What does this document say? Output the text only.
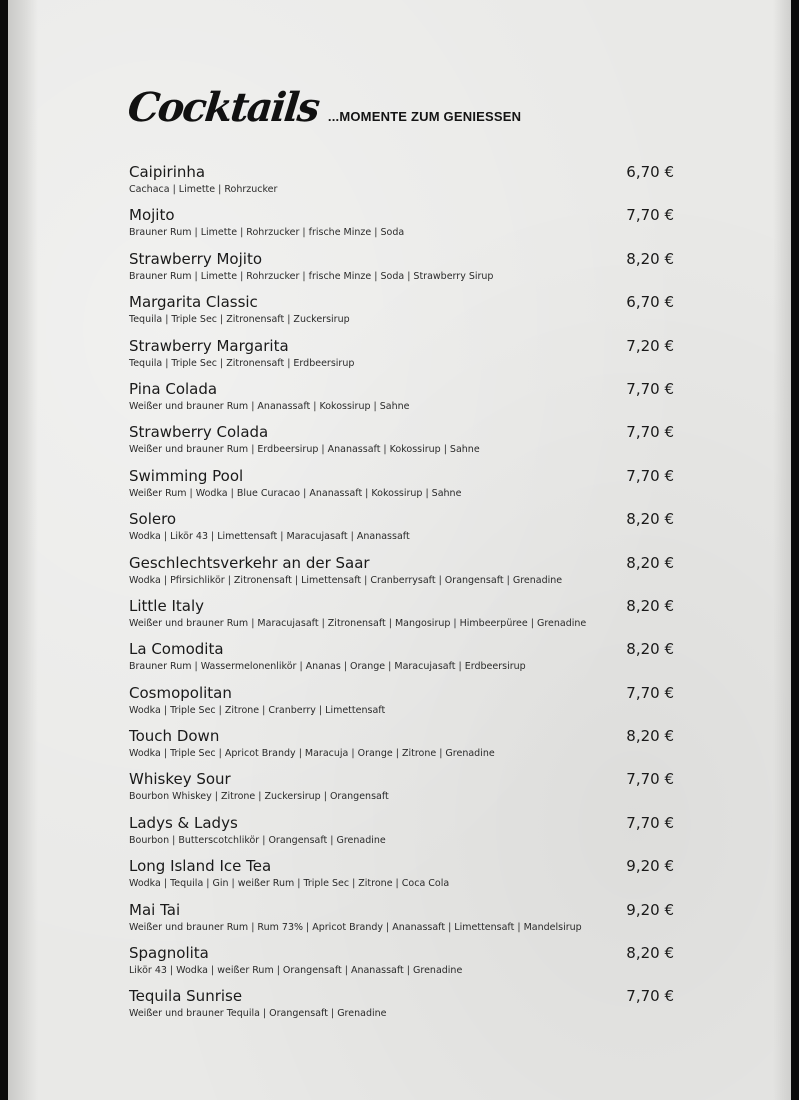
Cocktails ...MOMENTE ZUM GENIESSEN
Caipirinha
Cachaca | Limette | Rohrzucker
6,70 €
Mojito
Brauner Rum | Limette | Rohrzucker | frische Minze | Soda
7,70 €
Strawberry Mojito
Brauner Rum | Limette | Rohrzucker | frische Minze | Soda | Strawberry Sirup
8,20 €
Margarita Classic
Tequila | Triple Sec | Zitronensaft | Zuckersirup
6,70 €
Strawberry Margarita
Tequila | Triple Sec | Zitronensaft | Erdbeersirup
7,20 €
Pina Colada
Weißer und brauner Rum | Ananassaft | Kokossirup | Sahne
7,70 €
Strawberry Colada
Weißer und brauner Rum | Erdbeersirup | Ananassaft | Kokossirup | Sahne
7,70 €
Swimming Pool
Weißer Rum | Wodka | Blue Curacao | Ananassaft | Kokossirup | Sahne
7,70 €
Solero
Wodka | Likör 43 | Limettensaft | Maracujasaft | Ananassaft
8,20 €
Geschlechtsverkehr an der Saar
Wodka | Pfirsichlikör | Zitronensaft | Limettensaft | Cranberrysaft | Orangensaft | Grenadine
8,20 €
Little Italy
Weißer und brauner Rum | Maracujasaft | Zitronensaft | Mangosirup | Himbeerpüree | Grenadine
8,20 €
La Comodita
Brauner Rum | Wassermelonenlikör | Ananas | Orange | Maracujasaft | Erdbeersirup
8,20 €
Cosmopolitan
Wodka | Triple Sec | Zitrone | Cranberry | Limettensaft
7,70 €
Touch Down
Wodka | Triple Sec | Apricot Brandy | Maracuja | Orange | Zitrone | Grenadine
8,20 €
Whiskey Sour
Bourbon Whiskey | Zitrone | Zuckersirup | Orangensaft
7,70 €
Ladys & Ladys
Bourbon | Butterscotchlikör | Orangensaft | Grenadine
7,70 €
Long Island Ice Tea
Wodka | Tequila | Gin | weißer Rum | Triple Sec | Zitrone | Coca Cola
9,20 €
Mai Tai
Weißer und brauner Rum | Rum 73% | Apricot Brandy | Ananassaft | Limettensaft | Mandelsirup
9,20 €
Spagnolita
Likör 43 | Wodka | weißer Rum | Orangensaft | Ananassaft | Grenadine
8,20 €
Tequila Sunrise
Weißer und brauner Tequila | Orangensaft | Grenadine
7,70 €
